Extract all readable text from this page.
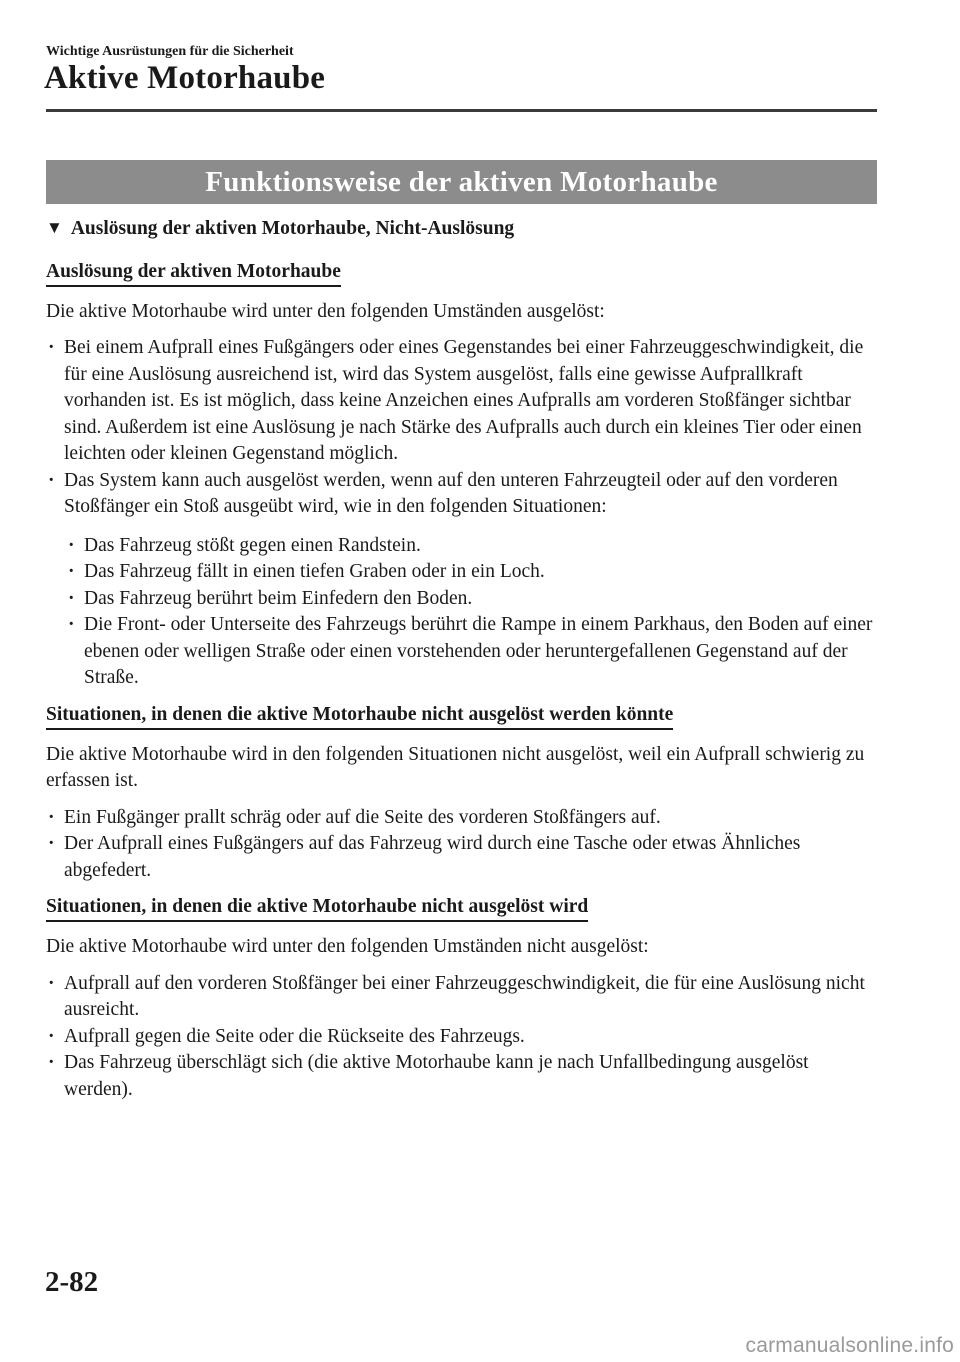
Wichtige Ausrüstungen für die Sicherheit
Aktive Motorhaube
Funktionsweise der aktiven Motorhaube
▼ Auslösung der aktiven Motorhaube, Nicht-Auslösung
Auslösung der aktiven Motorhaube

Die aktive Motorhaube wird unter den folgenden Umständen ausgelöst:

· Bei einem Aufprall eines Fußgängers oder eines Gegenstandes bei einer Fahrzeuggeschwindigkeit, die für eine Auslösung ausreichend ist, wird das System ausgelöst, falls eine gewisse Aufprallkraft vorhanden ist. Es ist möglich, dass keine Anzeichen eines Aufpralls am vorderen Stoßfänger sichtbar sind. Außerdem ist eine Auslösung je nach Stärke des Aufpralls auch durch ein kleines Tier oder einen leichten oder kleinen Gegenstand möglich.
· Das System kann auch ausgelöst werden, wenn auf den unteren Fahrzeugteil oder auf den vorderen Stoßfänger ein Stoß ausgeübt wird, wie in den folgenden Situationen:
· Das Fahrzeug stößt gegen einen Randstein.
· Das Fahrzeug fällt in einen tiefen Graben oder in ein Loch.
· Das Fahrzeug berührt beim Einfedern den Boden.
· Die Front- oder Unterseite des Fahrzeugs berührt die Rampe in einem Parkhaus, den Boden auf einer ebenen oder welligen Straße oder einen vorstehenden oder heruntergefallenen Gegenstand auf der Straße.
Situationen, in denen die aktive Motorhaube nicht ausgelöst werden könnte

Die aktive Motorhaube wird in den folgenden Situationen nicht ausgelöst, weil ein Aufprall schwierig zu erfassen ist.

· Ein Fußgänger prallt schräg oder auf die Seite des vorderen Stoßfängers auf.
· Der Aufprall eines Fußgängers auf das Fahrzeug wird durch eine Tasche oder etwas Ähnliches abgefedert.
Situationen, in denen die aktive Motorhaube nicht ausgelöst wird

Die aktive Motorhaube wird unter den folgenden Umständen nicht ausgelöst:

· Aufprall auf den vorderen Stoßfänger bei einer Fahrzeuggeschwindigkeit, die für eine Auslösung nicht ausreicht.
· Aufprall gegen die Seite oder die Rückseite des Fahrzeugs.
· Das Fahrzeug überschlägt sich (die aktive Motorhaube kann je nach Unfallbedingung ausgelöst werden).
2-82
carmanualsonline.info
